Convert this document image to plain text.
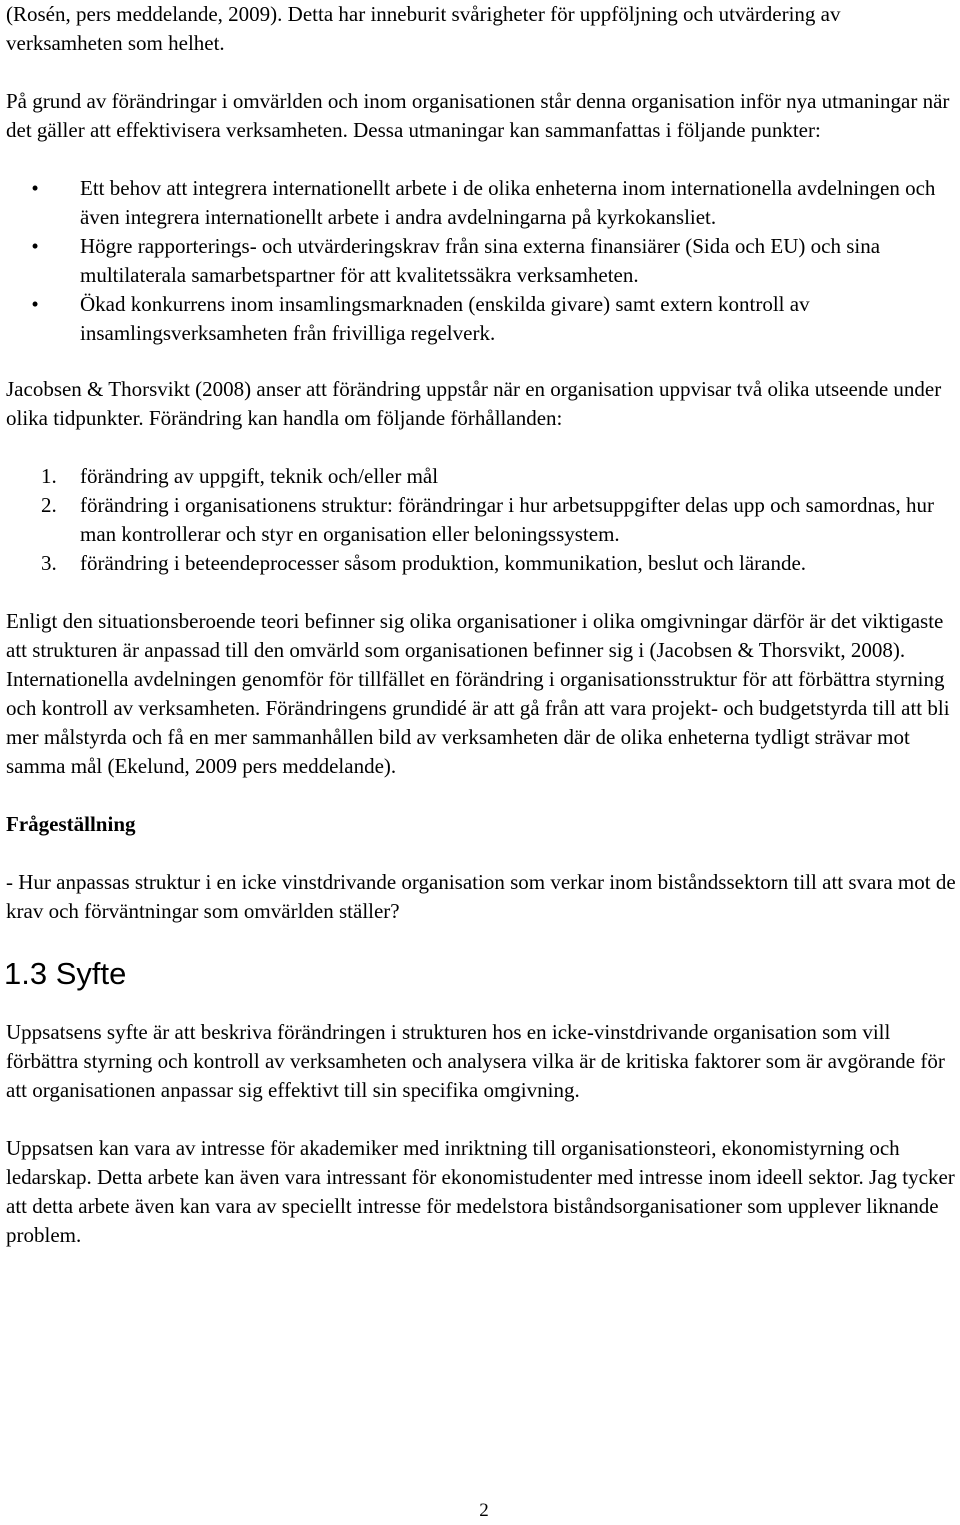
(Rosén, pers meddelande, 2009). Detta har inneburit svårigheter för uppföljning och utvärdering av verksamheten som helhet.

På grund av förändringar i omvärlden och inom organisationen står denna organisation inför nya utmaningar när det gäller att effektivisera verksamheten. Dessa utmaningar kan sammanfattas i följande punkter:

•	Ett behov att integrera internationellt arbete i de olika enheterna inom internationella avdelningen och även integrera internationellt arbete i andra avdelningarna på kyrkokansliet.
•	Högre rapporterings- och utvärderingskrav från sina externa finansiärer (Sida och EU) och sina multilaterala samarbetspartner för att kvalitetssäkra verksamheten.
•	Ökad konkurrens inom insamlingsmarknaden (enskilda givare) samt extern kontroll av insamlingsverksamheten från frivilliga regelverk.

Jacobsen & Thorsvikt (2008) anser att förändring uppstår när en organisation uppvisar två olika utseende under olika tidpunkter. Förändring kan handla om följande förhållanden:

1. förändring av uppgift, teknik och/eller mål
2. förändring i organisationens struktur: förändringar i hur arbetsuppgifter delas upp och samordnas, hur man kontrollerar och styr en organisation eller beloningssystem.
3. förändring i beteendeprocesser såsom produktion, kommunikation, beslut och lärande.

Enligt den situationsberoende teori befinner sig olika organisationer i olika omgivningar därför är det viktigaste att strukturen är anpassad till den omvärld som organisationen befinner sig i (Jacobsen & Thorsvikt, 2008). Internationella avdelningen genomför för tillfället en förändring i organisationsstruktur för att förbättra styrning och kontroll av verksamheten. Förändringens grundidé är att gå från att vara projekt- och budgetstyrda till att bli mer målstyrda och få en mer sammanhållen bild av verksamheten där de olika enheterna tydligt strävar mot samma mål (Ekelund, 2009 pers meddelande).

Frågeställning

- Hur anpassas struktur i en icke vinstdrivande organisation som verkar inom biståndssektorn till att svara mot de krav och förväntningar som omvärlden ställer?

1.3 Syfte

Uppsatsens syfte är att beskriva förändringen i strukturen hos en icke-vinstdrivande organisation som vill förbättra styrning och kontroll av verksamheten och analysera vilka är de kritiska faktorer som är avgörande för att organisationen anpassar sig effektivt till sin specifika omgivning.

Uppsatsen kan vara av intresse för akademiker med inriktning till organisationsteori, ekonomistyrning och ledarskap. Detta arbete kan även vara intressant för ekonomistudenter med intresse inom ideell sektor. Jag tycker att detta arbete även kan vara av speciellt intresse för medelstora biståndsorganisationer som upplever liknande problem.

2
